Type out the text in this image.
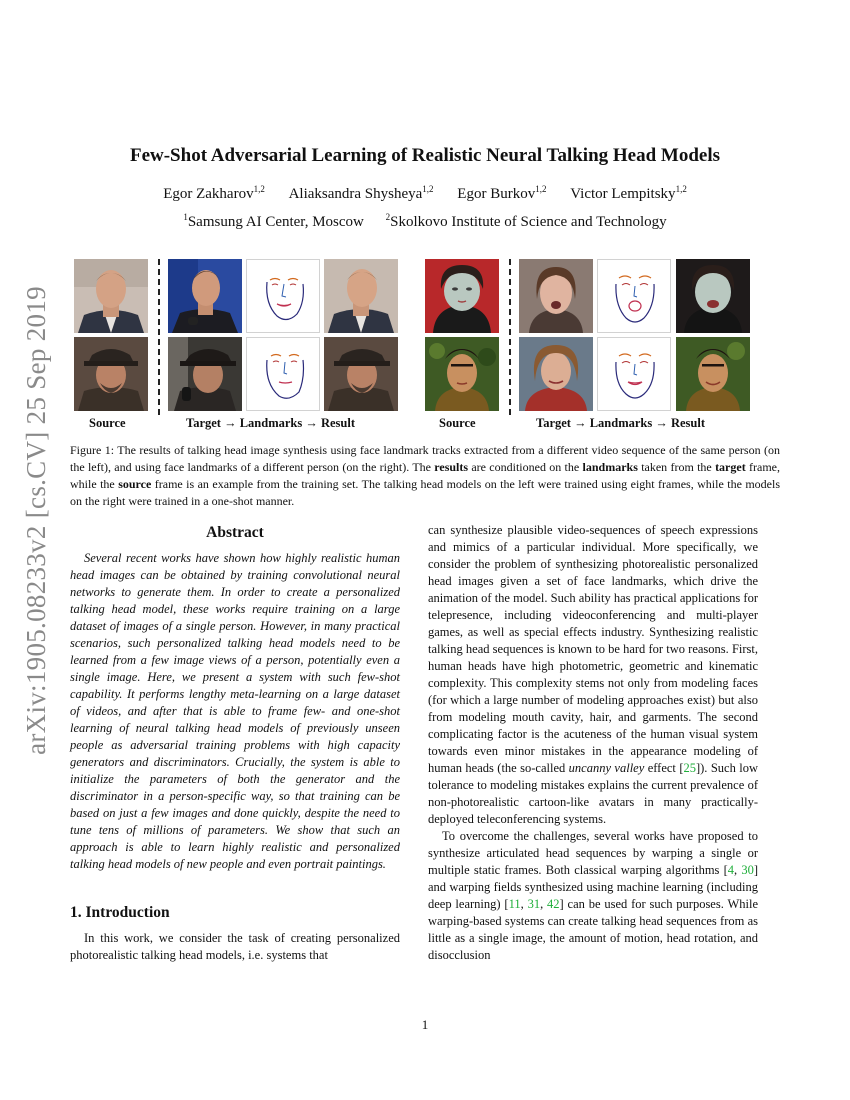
arXiv:1905.08233v2 [cs.CV] 25 Sep 2019
Few-Shot Adversarial Learning of Realistic Neural Talking Head Models
Egor Zakharov$^{1,2}$ Aliaksandra Shysheya$^{1,2}$ Egor Burkov$^{1,2}$ Victor Lempitsky$^{1,2}$
$^1$Samsung AI Center, Moscow $^2$Skolkovo Institute of Science and Technology
Source	Target → Landmarks → Result	Source	Target → Landmarks → Result
Figure 1: The results of talking head image synthesis using face landmark tracks extracted from a different video sequence of the same person (on the left), and using face landmarks of a different person (on the right). The results are conditioned on the landmarks taken from the target frame, while the source frame is an example from the training set. The talking head models on the left were trained using eight frames, while the models on the right were trained in a one-shot manner.
Abstract

Several recent works have shown how highly realistic human head images can be obtained by training convolutional neural networks to generate them. In order to create a personalized talking head model, these works require training on a large dataset of images of a single person. However, in many practical scenarios, such personalized talking head models need to be learned from a few image views of a person, potentially even a single image. Here, we present a system with such few-shot capability. It performs lengthy meta-learning on a large dataset of videos, and after that is able to frame few- and one-shot learning of neural talking head models of previously unseen people as adversarial training problems with high capacity generators and discriminators. Crucially, the system is able to initialize the parameters of both the generator and the discriminator in a person-specific way, so that training can be based on just a few images and done quickly, despite the need to tune tens of millions of parameters. We show that such an approach is able to learn highly realistic and personalized talking head models of new people and even portrait paintings.

1. Introduction

In this work, we consider the task of creating personalized photorealistic talking head models, i.e. systems that

can synthesize plausible video-sequences of speech expressions and mimics of a particular individual. More specifically, we consider the problem of synthesizing photorealistic personalized head images given a set of face landmarks, which drive the animation of the model. Such ability has practical applications for telepresence, including videoconferencing and multi-player games, as well as special effects industry. Synthesizing realistic talking head sequences is known to be hard for two reasons. First, human heads have high photometric, geometric and kinematic complexity. This complexity stems not only from modeling faces (for which a large number of modeling approaches exist) but also from modeling mouth cavity, hair, and garments. The second complicating factor is the acuteness of the human visual system towards even minor mistakes in the appearance modeling of human heads (the so-called uncanny valley effect [25]). Such low tolerance to modeling mistakes explains the current prevalence of non-photorealistic cartoon-like avatars in many practically-deployed teleconferencing systems.

To overcome the challenges, several works have proposed to synthesize articulated head sequences by warping a single or multiple static frames. Both classical warping algorithms [4, 30] and warping fields synthesized using machine learning (including deep learning) [11, 31, 42] can be used for such purposes. While warping-based systems can create talking head sequences from as little as a single image, the amount of motion, head rotation, and disocclusion

1
